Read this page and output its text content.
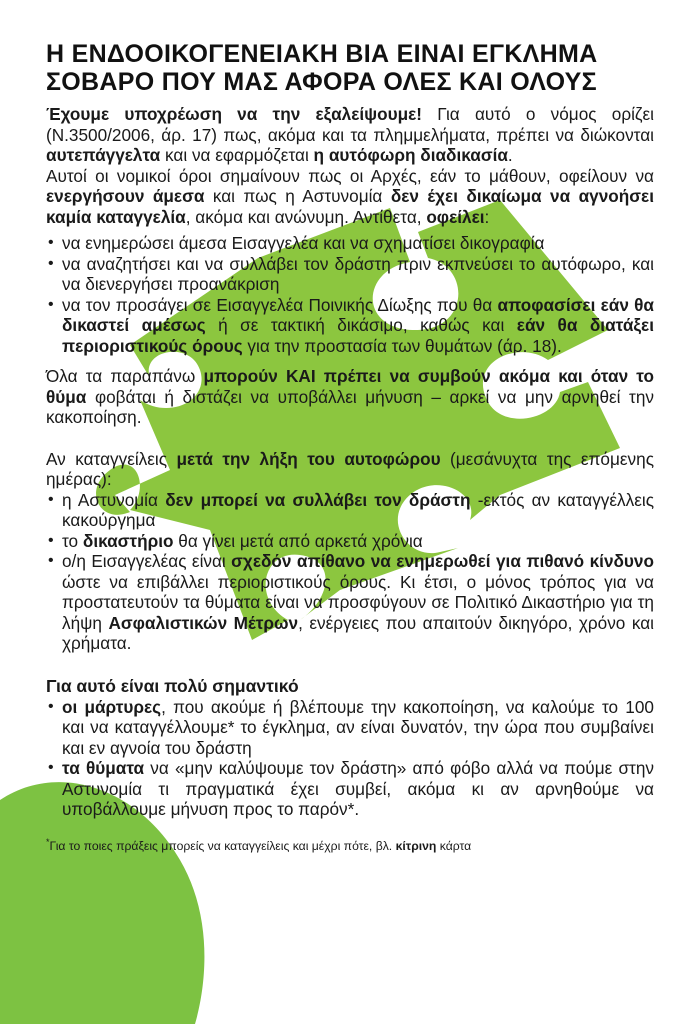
Η ΕΝΔΟΟΙΚΟΓΕΝΕΙΑΚΗ ΒΙΑ ΕΙΝΑΙ ΕΓΚΛΗΜΑ
ΣΟΒΑΡΟ ΠΟΥ ΜΑΣ ΑΦΟΡΑ ΟΛΕΣ ΚΑΙ ΟΛΟΥΣ

Έχουμε υποχρέωση να την εξαλείψουμε! Για αυτό ο νόμος ορίζει (Ν.3500/2006, άρ. 17) πως, ακόμα και τα πλημμελήματα, πρέπει να διώκονται αυτεπάγγελτα και να εφαρμόζεται η αυτόφωρη διαδικασία.

Αυτοί οι νομικοί όροι σημαίνουν πως οι Αρχές, εάν το μάθουν, οφείλουν να ενεργήσουν άμεσα και πως η Αστυνομία δεν έχει δικαίωμα να αγνοήσει καμία καταγγελία, ακόμα και ανώνυμη. Αντίθετα, οφείλει:

• να ενημερώσει άμεσα Εισαγγελέα και να σχηματίσει δικογραφία
• να αναζητήσει και να συλλάβει τον δράστη πριν εκπνεύσει το αυτόφωρο, και να διενεργήσει προανάκριση
• να τον προσάγει σε Εισαγγελέα Ποινικής Δίωξης που θα αποφασίσει εάν θα δικαστεί αμέσως ή σε τακτική δικάσιμο, καθώς και εάν θα διατάξει περιοριστικούς όρους για την προστασία των θυμάτων (άρ. 18).

Όλα τα παραπάνω μπορούν ΚΑΙ πρέπει να συμβούν ακόμα και όταν το θύμα φοβάται ή διστάζει να υποβάλλει μήνυση – αρκεί να μην αρνηθεί την κακοποίηση.

Αν καταγγείλεις μετά την λήξη του αυτοφώρου (μεσάνυχτα της επόμενης ημέρας):

• η Αστυνομία δεν μπορεί να συλλάβει τον δράστη -εκτός αν καταγγέλλεις κακούργημα
• το δικαστήριο θα γίνει μετά από αρκετά χρόνια
• ο/η Εισαγγελέας είναι σχεδόν απίθανο να ενημερωθεί για πιθανό κίνδυνο ώστε να επιβάλλει περιοριστικούς όρους. Κι έτσι, ο μόνος τρόπος για να προστατευτούν τα θύματα είναι να προσφύγουν σε Πολιτικό Δικαστήριο για τη λήψη Ασφαλιστικών Μέτρων, ενέργειες που απαιτούν δικηγόρο, χρόνο και χρήματα.
Για αυτό είναι πολύ σημαντικό
• οι μάρτυρες, που ακούμε ή βλέπουμε την κακοποίηση, να καλούμε το 100 και να καταγγέλλουμε* το έγκλημα, αν είναι δυνατόν, την ώρα που συμβαίνει και εν αγνοία του δράστη
• τα θύματα να «μην καλύψουμε τον δράστη» από φόβο αλλά να πούμε στην Αστυνομία τι πραγματικά έχει συμβεί, ακόμα κι αν αρνηθούμε να υποβάλλουμε μήνυση προς το παρόν*.
*Για το ποιες πράξεις μπορείς να καταγγείλεις και μέχρι πότε, βλ. κίτρινη κάρτα
